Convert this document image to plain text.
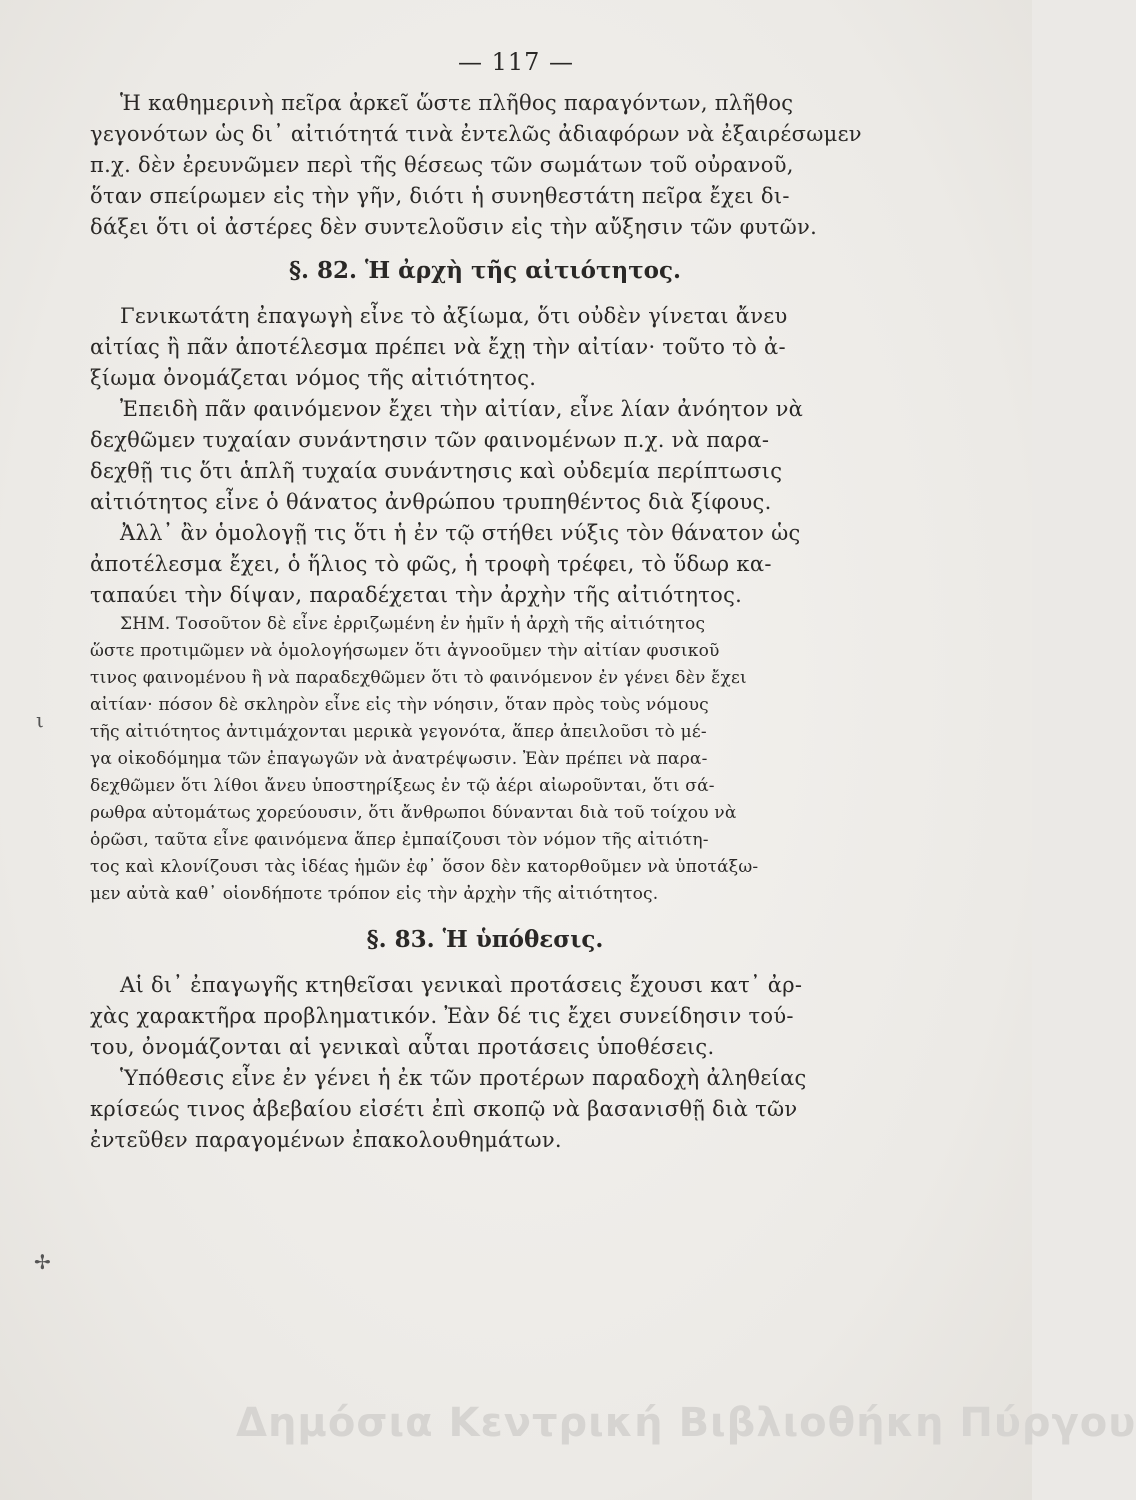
— 117 —
ι
✢
Ἡ καθημερινὴ πεῖρα ἀρκεῖ ὥστε πλῆθος παραγόντων, πλῆθος
γεγονότων ὡς δι᾿ αἰτιότητά τινὰ ἐντελῶς ἀδιαφόρων νὰ ἐξαιρέσωμεν
π.χ. δὲν ἐρευνῶμεν περὶ τῆς θέσεως τῶν σωμάτων τοῦ οὐρανοῦ,
ὅταν σπείρωμεν εἰς τὴν γῆν, διότι ἡ συνηθεστάτη πεῖρα ἔχει δι-
δάξει ὅτι οἱ ἀστέρες δὲν συντελοῦσιν εἰς τὴν αὔξησιν τῶν φυτῶν.
§. 82. Ἡ ἀρχὴ τῆς αἰτιότητος.
Γενικωτάτη ἐπαγωγὴ εἶνε τὸ ἀξίωμα, ὅτι οὐδὲν γίνεται ἄνευ
αἰτίας ἢ πᾶν ἀποτέλεσμα πρέπει νὰ ἔχῃ τὴν αἰτίαν· τοῦτο τὸ ἀ-
ξίωμα ὀνομάζεται νόμος τῆς αἰτιότητος.
Ἐπειδὴ πᾶν φαινόμενον ἔχει τὴν αἰτίαν, εἶνε λίαν ἀνόητον νὰ
δεχθῶμεν τυχαίαν συνάντησιν τῶν φαινομένων π.χ. νὰ παρα-
δεχθῇ τις ὅτι ἁπλῆ τυχαία συνάντησις καὶ οὐδεμία περίπτωσις
αἰτιότητος εἶνε ὁ θάνατος ἀνθρώπου τρυπηθέντος διὰ ξίφους.
Ἀλλ᾿ ἂν ὁμολογῇ τις ὅτι ἡ ἐν τῷ στήθει νύξις τὸν θάνατον ὡς
ἀποτέλεσμα ἔχει, ὁ ἥλιος τὸ φῶς, ἡ τροφὴ τρέφει, τὸ ὕδωρ κα-
ταπαύει τὴν δίψαν, παραδέχεται τὴν ἀρχὴν τῆς αἰτιότητος.
ΣΗΜ. Τοσοῦτον δὲ εἶνε ἐρριζωμένη ἐν ἡμῖν ἡ ἀρχὴ τῆς αἰτιότητος
ὥστε προτιμῶμεν νὰ ὁμολογήσωμεν ὅτι ἀγνοοῦμεν τὴν αἰτίαν φυσικοῦ
τινος φαινομένου ἢ νὰ παραδεχθῶμεν ὅτι τὸ φαινόμενον ἐν γένει δὲν ἔχει
αἰτίαν· πόσον δὲ σκληρὸν εἶνε εἰς τὴν νόησιν, ὅταν πρὸς τοὺς νόμους
τῆς αἰτιότητος ἀντιμάχονται μερικὰ γεγονότα, ἅπερ ἀπειλοῦσι τὸ μέ-
γα οἰκοδόμημα τῶν ἐπαγωγῶν νὰ ἀνατρέψωσιν. Ἐὰν πρέπει νὰ παρα-
δεχθῶμεν ὅτι λίθοι ἄνευ ὑποστηρίξεως ἐν τῷ ἀέρι αἰωροῦνται, ὅτι σά-
ρωθρα αὐτομάτως χορεύουσιν, ὅτι ἄνθρωποι δύνανται διὰ τοῦ τοίχου νὰ
ὁρῶσι, ταῦτα εἶνε φαινόμενα ἅπερ ἐμπαίζουσι τὸν νόμον τῆς αἰτιότη-
τος καὶ κλονίζουσι τὰς ἰδέας ἡμῶν ἐφ᾿ ὅσον δὲν κατορθοῦμεν νὰ ὑποτάξω-
μεν αὐτὰ καθ᾿ οἱονδήποτε τρόπον εἰς τὴν ἀρχὴν τῆς αἰτιότητος.
§. 83. Ἡ ὑπόθεσις.
Αἱ δι᾿ ἐπαγωγῆς κτηθεῖσαι γενικαὶ προτάσεις ἔχουσι κατ᾿ ἀρ-
χὰς χαρακτῆρα προβληματικόν. Ἐὰν δέ τις ἔχει συνείδησιν τού-
του, ὀνομάζονται αἱ γενικαὶ αὗται προτάσεις ὑποθέσεις.
Ὑπόθεσις εἶνε ἐν γένει ἡ ἐκ τῶν προτέρων παραδοχὴ ἀληθείας
κρίσεώς τινος ἀβεβαίου εἰσέτι ἐπὶ σκοπῷ νὰ βασανισθῇ διὰ τῶν
ἐντεῦθεν παραγομένων ἐπακολουθημάτων.
Δημόσια Κεντρική Βιβλιοθήκη Πύργου
